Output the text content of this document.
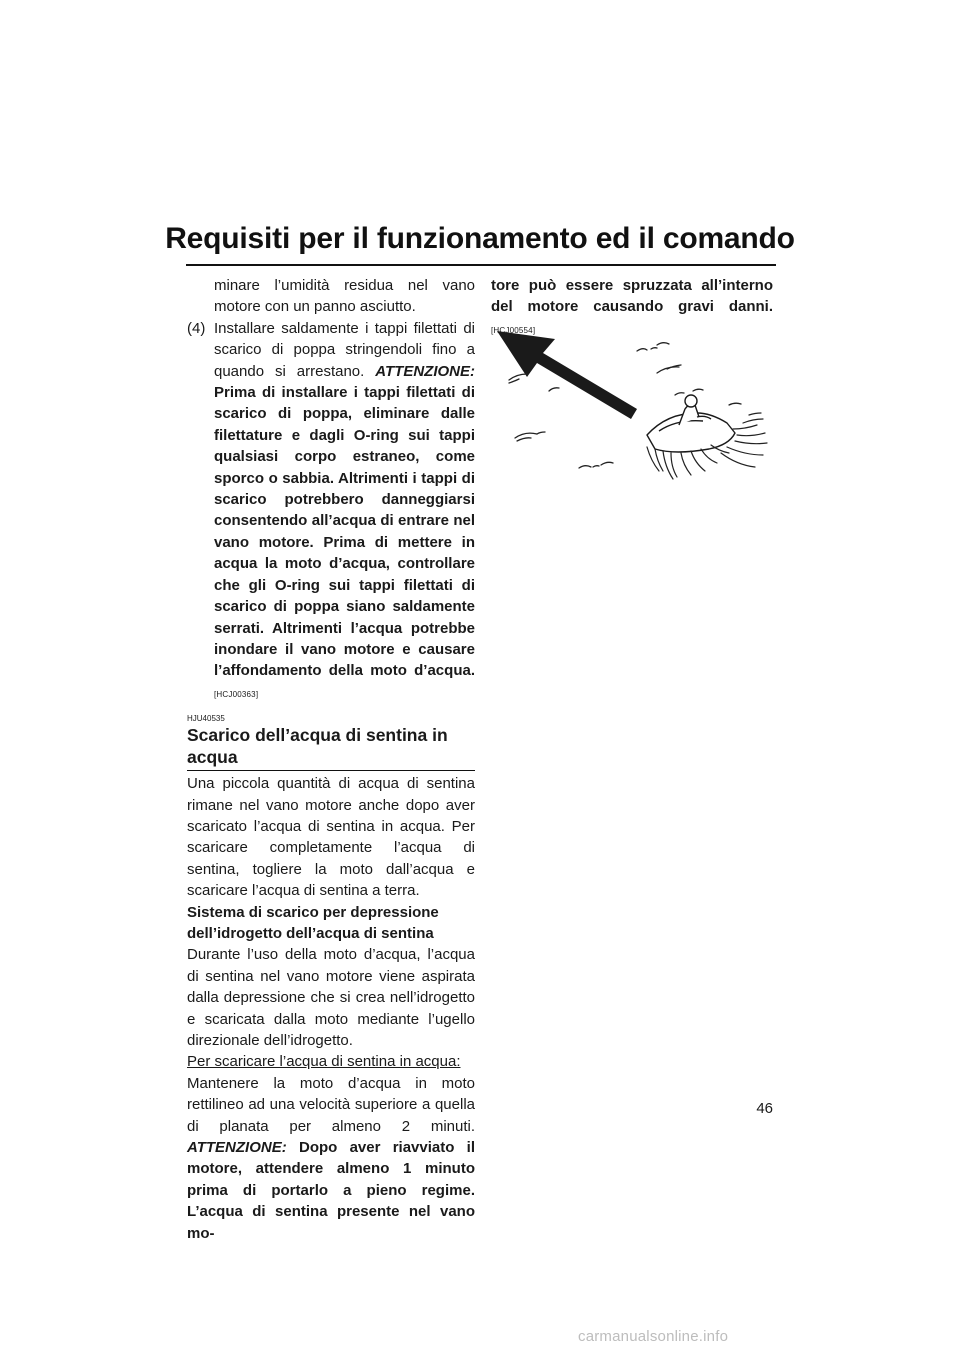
Requisiti per il funzionamento ed il comando

minare l’umidità residua nel vano motore con un panno asciutto.

(4) Installare saldamente i tappi filettati di scarico di poppa stringendoli fino a quando si arrestano. ATTENZIONE: Prima di installare i tappi filettati di scarico di poppa, eliminare dalle filettature e dagli O-ring sui tappi qualsiasi corpo estraneo, come sporco o sabbia. Altrimenti i tappi di scarico potrebbero danneggiarsi consentendo all’acqua di entrare nel vano motore. Prima di mettere in acqua la moto d’acqua, controllare che gli O-ring sui tappi filettati di scarico di poppa siano saldamente serrati. Altrimenti l’acqua potrebbe inondare il vano motore e causare l’affondamento della moto d’acqua. [HCJ00363]

HJU40535
Scarico dell’acqua di sentina in acqua

Una piccola quantità di acqua di sentina rimane nel vano motore anche dopo aver scaricato l’acqua di sentina in acqua. Per scaricare completamente l’acqua di sentina, togliere la moto dall’acqua e scaricare l’acqua di sentina a terra.

Sistema di scarico per depressione dell’idrogetto dell’acqua di sentina

Durante l’uso della moto d’acqua, l’acqua di sentina nel vano motore viene aspirata dalla depressione che si crea nell’idrogetto e scaricata dalla moto mediante l’ugello direzionale dell’idrogetto.

Per scaricare l’acqua di sentina in acqua:

Mantenere la moto d’acqua in moto rettilineo ad una velocità superiore a quella di planata per almeno 2 minuti. ATTENZIONE: Dopo aver riavviato il motore, attendere almeno 1 minuto prima di portarlo a pieno regime. L’acqua di sentina presente nel vano mo-

tore può essere spruzzata all’interno del motore causando gravi danni. [HCJ00554]

46
carmanualsonline.info
